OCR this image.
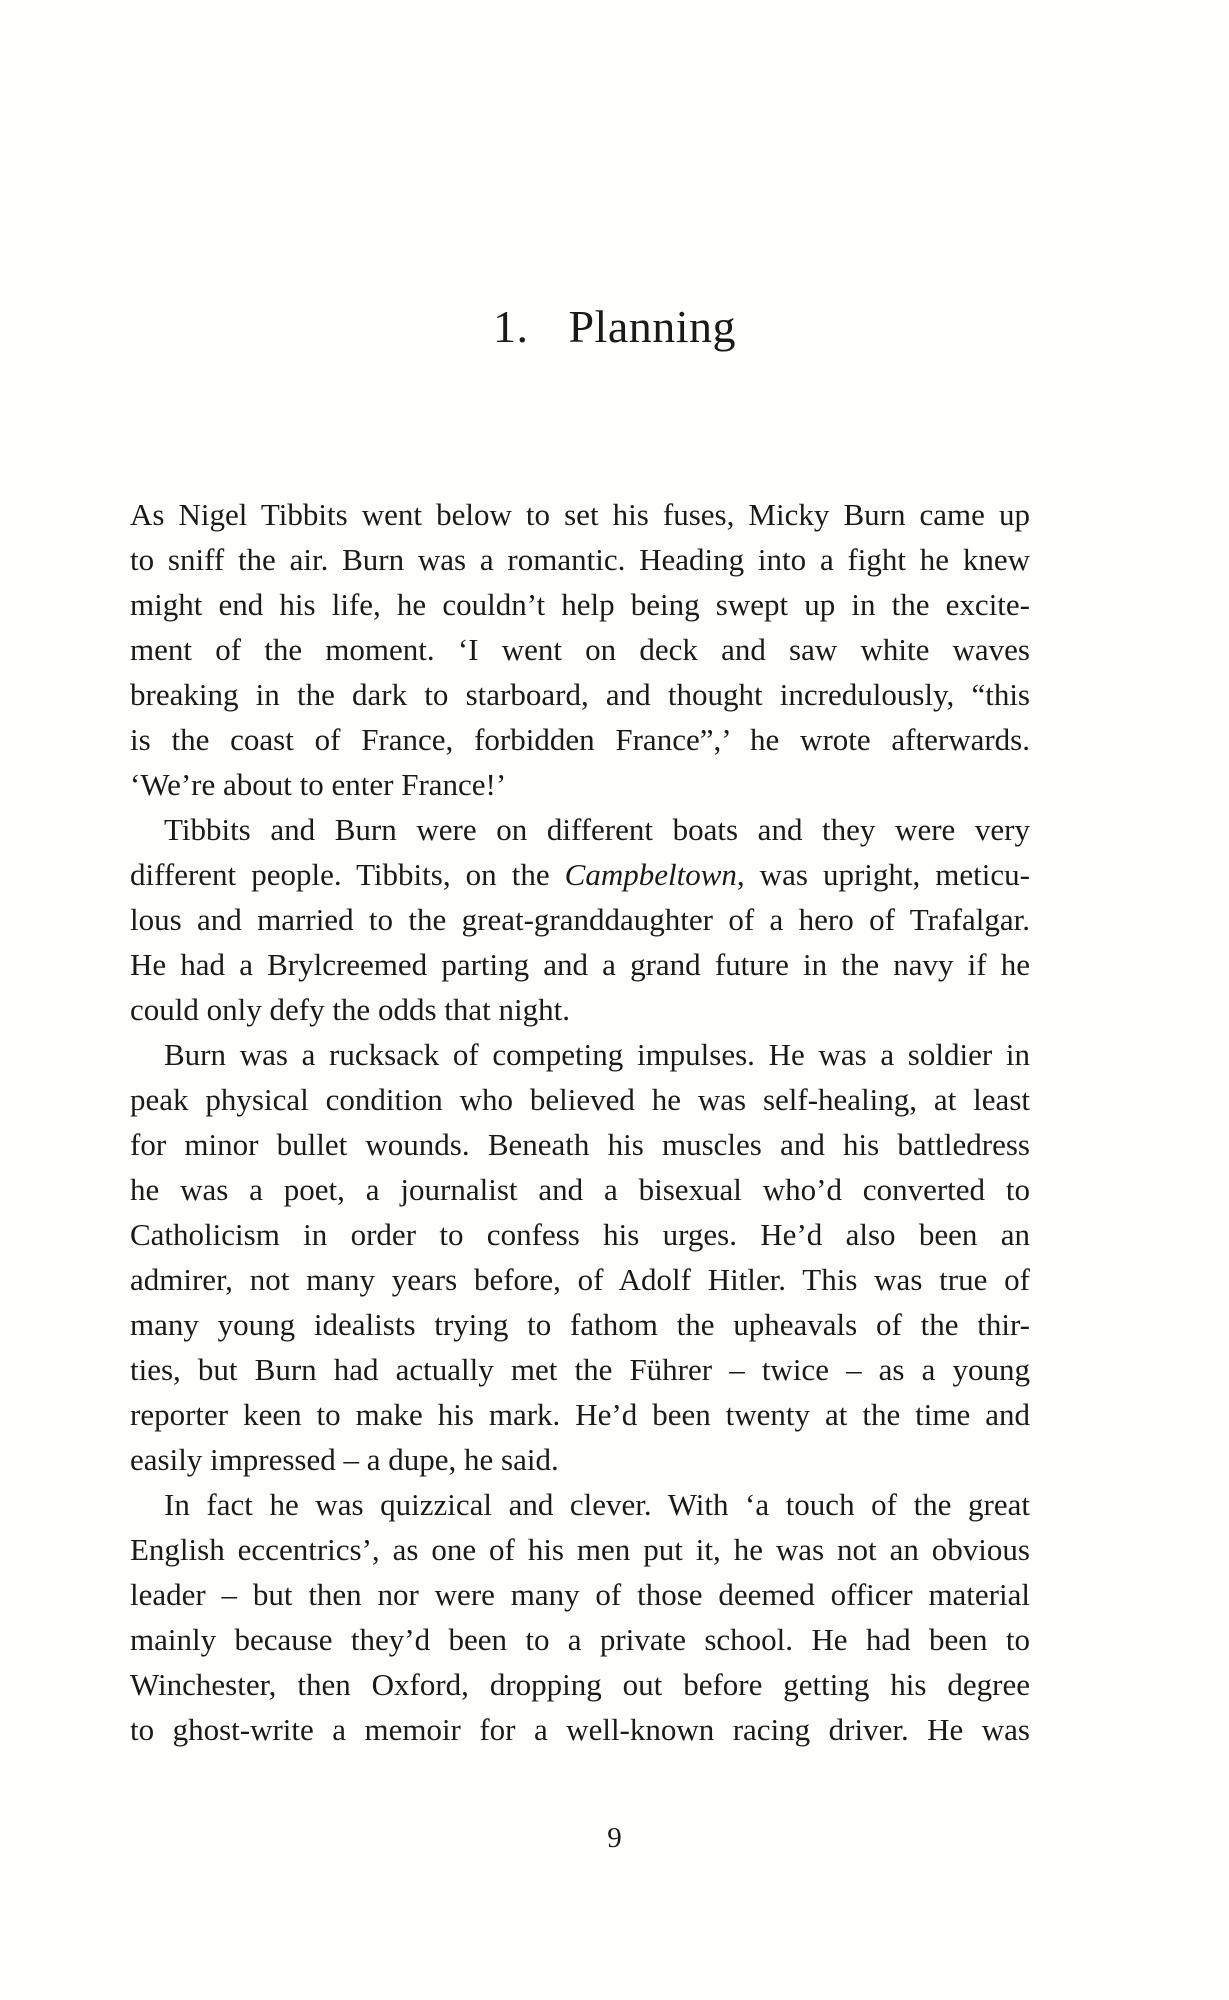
1. Planning

As Nigel Tibbits went below to set his fuses, Micky Burn came up
to sniff the air. Burn was a romantic. Heading into a fight he knew
might end his life, he couldn’t help being swept up in the excite-
ment of the moment. ‘I went on deck and saw white waves
breaking in the dark to starboard, and thought incredulously, “this
is the coast of France, forbidden France”,’ he wrote afterwards.
‘We’re about to enter France!’

Tibbits and Burn were on different boats and they were very
different people. Tibbits, on the Campbeltown, was upright, meticu-
lous and married to the great-granddaughter of a hero of Trafalgar.
He had a Brylcreemed parting and a grand future in the navy if he
could only defy the odds that night.

Burn was a rucksack of competing impulses. He was a soldier in
peak physical condition who believed he was self-healing, at least
for minor bullet wounds. Beneath his muscles and his battledress
he was a poet, a journalist and a bisexual who’d converted to
Catholicism in order to confess his urges. He’d also been an
admirer, not many years before, of Adolf Hitler. This was true of
many young idealists trying to fathom the upheavals of the thir-
ties, but Burn had actually met the Führer – twice – as a young
reporter keen to make his mark. He’d been twenty at the time and
easily impressed – a dupe, he said.

In fact he was quizzical and clever. With ‘a touch of the great
English eccentrics’, as one of his men put it, he was not an obvious
leader – but then nor were many of those deemed officer material
mainly because they’d been to a private school. He had been to
Winchester, then Oxford, dropping out before getting his degree
to ghost-write a memoir for a well-known racing driver. He was

9
